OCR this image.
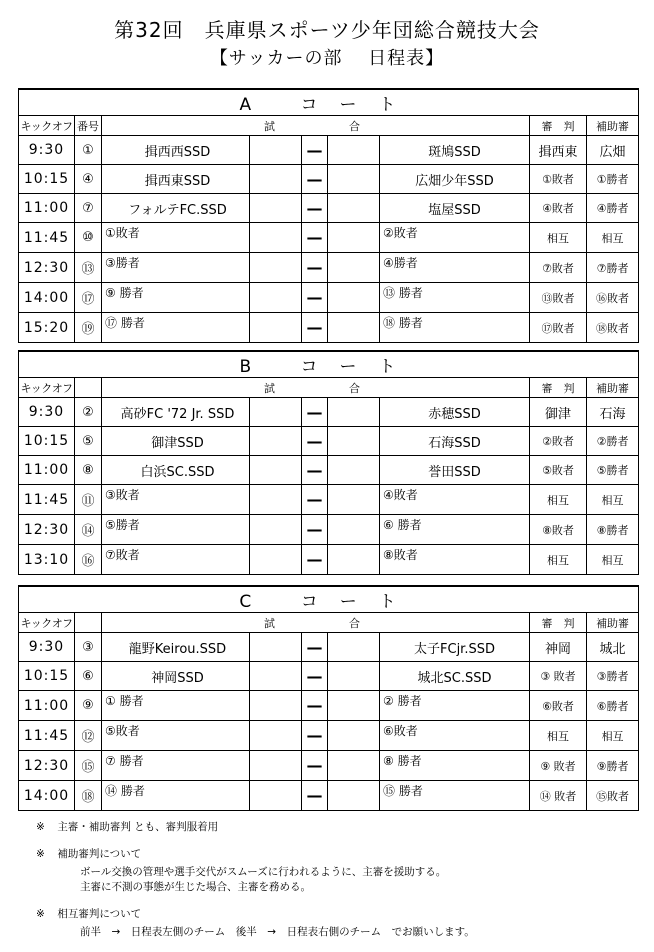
第32回　兵庫県スポーツ少年団総合競技大会
【サッカーの部　 日程表】
A コート								
キックオフ	番号	試 合					審　判	補助審
9:30	①	揖西西SSD		—		斑鳩SSD	揖西東	広畑
10:15	④	揖西東SSD		—		広畑少年SSD	①敗者	①勝者
11:00	⑦	フォルテFC.SSD		—		塩屋SSD	④敗者	④勝者
11:45	⑩	①敗者		—		②敗者	相互	相互
12:30	⑬	③勝者		—		④勝者	⑦敗者	⑦勝者
14:00	⑰	⑨ 勝者		—		⑬ 勝者	⑬敗者	⑯敗者
15:20	⑲	⑰ 勝者		—		⑱ 勝者	⑰敗者	⑱敗者
B コート								
キックオフ		試 合					審　判	補助審
9:30	②	高砂FC '72 Jr. SSD		—		赤穂SSD	御津	石海
10:15	⑤	御津SSD		—		石海SSD	②敗者	②勝者
11:00	⑧	白浜SC.SSD		—		誉田SSD	⑤敗者	⑤勝者
11:45	⑪	③敗者		—		④敗者	相互	相互
12:30	⑭	⑤勝者		—		⑥ 勝者	⑧敗者	⑧勝者
13:10	⑯	⑦敗者		—		⑧敗者	相互	相互
C コート								
キックオフ		試 合					審　判	補助審
9:30	③	龍野Keirou.SSD		—		太子FCjr.SSD	神岡	城北
10:15	⑥	神岡SSD		—		城北SC.SSD	③ 敗者	③勝者
11:00	⑨	① 勝者		—		② 勝者	⑥敗者	⑥勝者
11:45	⑫	⑤敗者		—		⑥敗者	相互	相互
12:30	⑮	⑦ 勝者		—		⑧ 勝者	⑨ 敗者	⑨勝者
14:00	⑱	⑭ 勝者		—		⑮ 勝者	⑭ 敗者	⑮敗者
※ 主審・補助審判 とも、審判服着用
※ 補助審判について
ボール交換の管理や選手交代がスムーズに行われるように、主審を援助する。
主審に不測の事態が生じた場合、主審を務める。
※ 相互審判について
前半　→　日程表左側のチーム　後半　→　日程表右側のチーム　でお願いします。
